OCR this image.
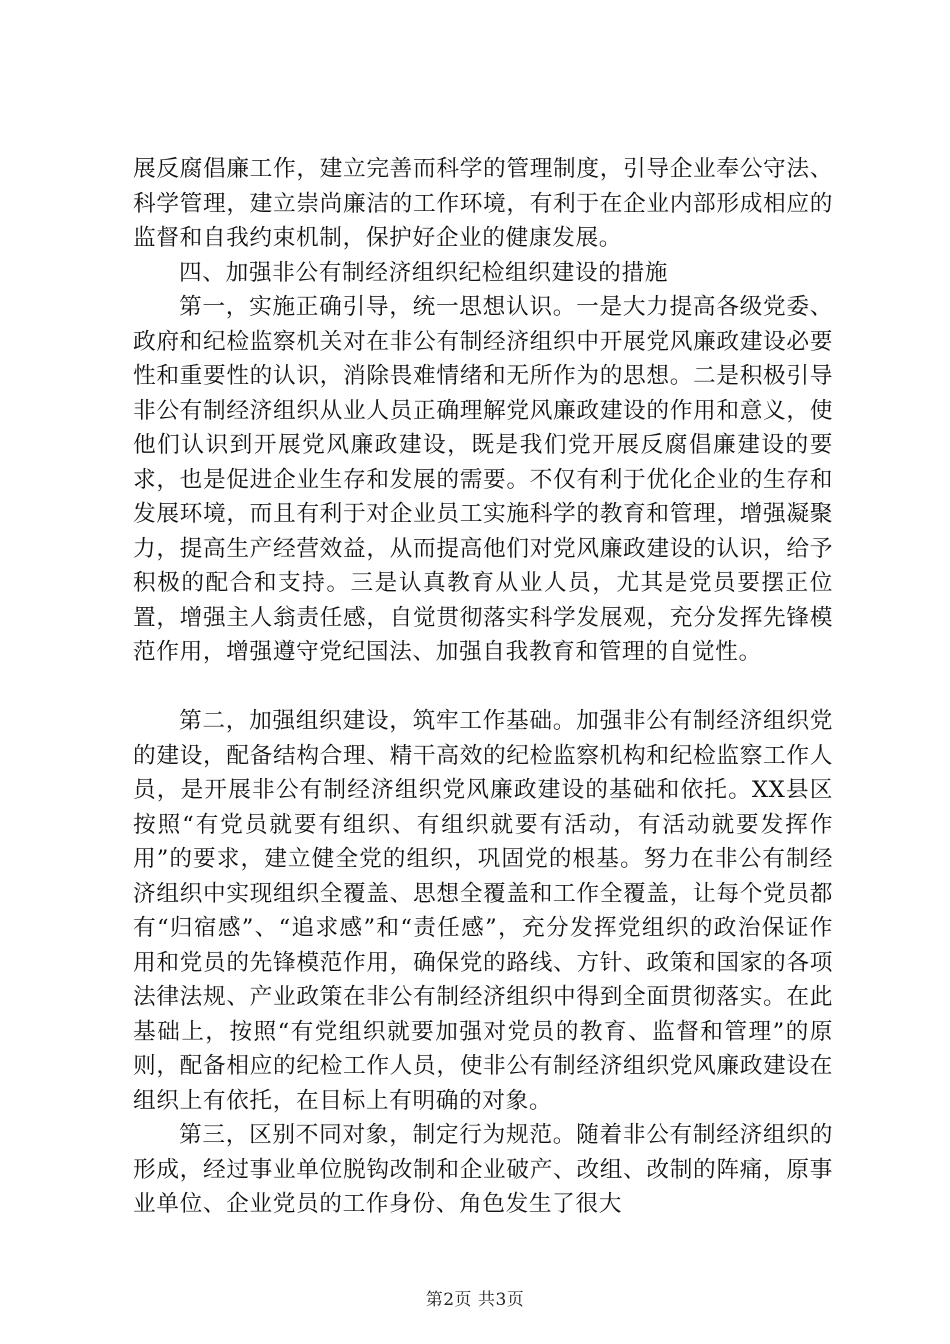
展反腐倡廉工作，建立完善而科学的管理制度，引导企业奉公守法、科学管理，建立崇尚廉洁的工作环境，有利于在企业内部形成相应的监督和自我约束机制，保护好企业的健康发展。

四、加强非公有制经济组织纪检组织建设的措施

第一，实施正确引导，统一思想认识。一是大力提高各级党委、政府和纪检监察机关对在非公有制经济组织中开展党风廉政建设必要性和重要性的认识，消除畏难情绪和无所作为的思想。二是积极引导非公有制经济组织从业人员正确理解党风廉政建设的作用和意义，使他们认识到开展党风廉政建设，既是我们党开展反腐倡廉建设的要求，也是促进企业生存和发展的需要。不仅有利于优化企业的生存和发展环境，而且有利于对企业员工实施科学的教育和管理，增强凝聚力，提高生产经营效益，从而提高他们对党风廉政建设的认识，给予积极的配合和支持。三是认真教育从业人员，尤其是党员要摆正位置，增强主人翁责任感，自觉贯彻落实科学发展观，充分发挥先锋模范作用，增强遵守党纪国法、加强自我教育和管理的自觉性。

第二，加强组织建设，筑牢工作基础。加强非公有制经济组织党的建设，配备结构合理、精干高效的纪检监察机构和纪检监察工作人员，是开展非公有制经济组织党风廉政建设的基础和依托。XX县区按照“有党员就要有组织、有组织就要有活动，有活动就要发挥作用”的要求，建立健全党的组织，巩固党的根基。努力在非公有制经济组织中实现组织全覆盖、思想全覆盖和工作全覆盖，让每个党员都有“归宿感”、“追求感”和“责任感”，充分发挥党组织的政治保证作用和党员的先锋模范作用，确保党的路线、方针、政策和国家的各项法律法规、产业政策在非公有制经济组织中得到全面贯彻落实。在此基础上，按照“有党组织就要加强对党员的教育、监督和管理”的原则，配备相应的纪检工作人员，使非公有制经济组织党风廉政建设在组织上有依托，在目标上有明确的对象。

第三，区别不同对象，制定行为规范。随着非公有制经济组织的形成，经过事业单位脱钩改制和企业破产、改组、改制的阵痛，原事业单位、企业党员的工作身份、角色发生了很大

第2页 共3页
